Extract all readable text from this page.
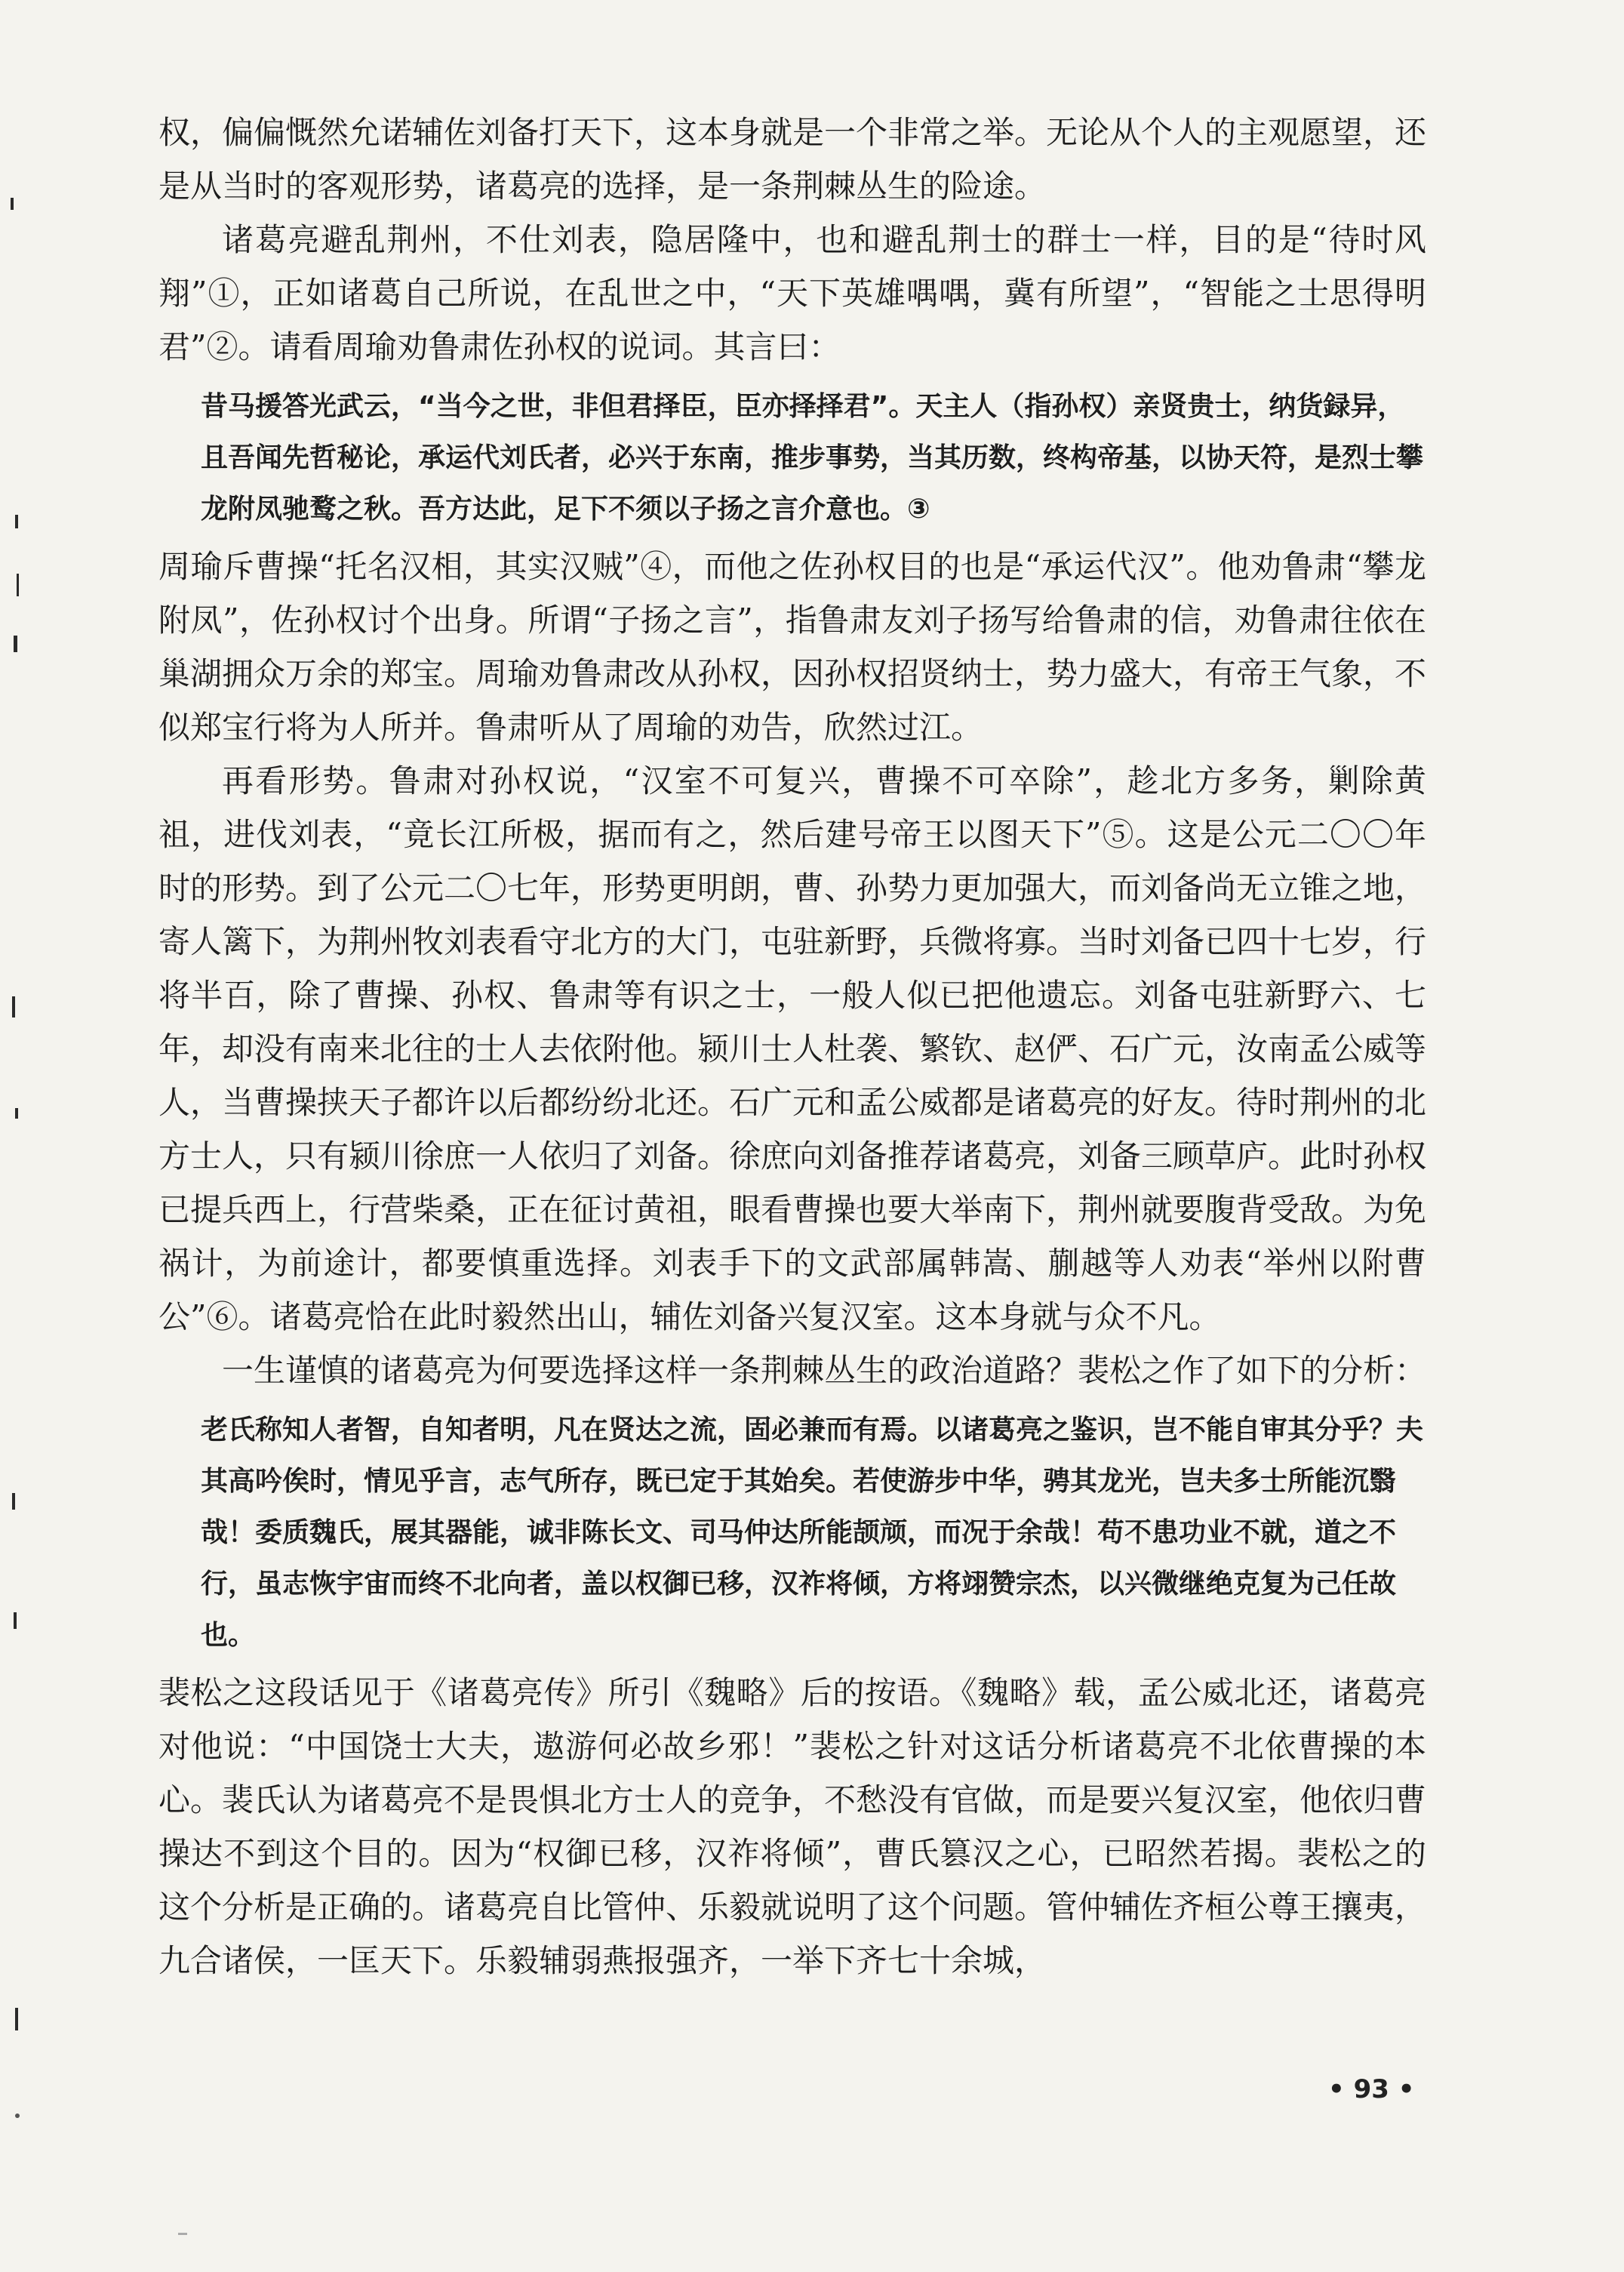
权，偏偏慨然允诺辅佐刘备打天下，这本身就是一个非常之举。无论从个人的主观愿望，还是从当时的客观形势，诸葛亮的选择，是一条荆棘丛生的险途。

诸葛亮避乱荆州，不仕刘表，隐居隆中，也和避乱荆士的群士一样，目的是“待时风翔”①，正如诸葛自己所说，在乱世之中，“天下英雄喁喁，冀有所望”，“智能之士思得明君”②。请看周瑜劝鲁肃佐孙权的说词。其言曰：

昔马援答光武云，“当今之世，非但君择臣，臣亦择择君”。天主人（指孙权）亲贤贵士，纳货録异，且吾闻先哲秘论，承运代刘氏者，必兴于东南，推步事势，当其历数，终构帝基，以协天符，是烈士攀龙附凤驰鹜之秋。吾方达此，足下不须以子扬之言介意也。③

周瑜斥曹操“托名汉相，其实汉贼”④，而他之佐孙权目的也是“承运代汉”。他劝鲁肃“攀龙附凤”，佐孙权讨个出身。所谓“子扬之言”，指鲁肃友刘子扬写给鲁肃的信，劝鲁肃往依在巢湖拥众万余的郑宝。周瑜劝鲁肃改从孙权，因孙权招贤纳士，势力盛大，有帝王气象，不似郑宝行将为人所并。鲁肃听从了周瑜的劝告，欣然过江。

再看形势。鲁肃对孙权说，“汉室不可复兴，曹操不可卒除”，趁北方多务，剿除黄祖，进伐刘表，“竟长江所极，据而有之，然后建号帝王以图天下”⑤。这是公元二〇〇年时的形势。到了公元二〇七年，形势更明朗，曹、孙势力更加强大，而刘备尚无立锥之地，寄人篱下，为荆州牧刘表看守北方的大门，屯驻新野，兵微将寡。当时刘备已四十七岁，行将半百，除了曹操、孙权、鲁肃等有识之士，一般人似已把他遗忘。刘备屯驻新野六、七年，却没有南来北往的士人去依附他。颍川士人杜袭、繁钦、赵俨、石广元，汝南孟公威等人，当曹操挟天子都许以后都纷纷北还。石广元和孟公威都是诸葛亮的好友。待时荆州的北方士人，只有颍川徐庶一人依归了刘备。徐庶向刘备推荐诸葛亮，刘备三顾草庐。此时孙权已提兵西上，行营柴桑，正在征讨黄祖，眼看曹操也要大举南下，荆州就要腹背受敌。为免祸计，为前途计，都要慎重选择。刘表手下的文武部属韩嵩、蒯越等人劝表“举州以附曹公”⑥。诸葛亮恰在此时毅然出山，辅佐刘备兴复汉室。这本身就与众不凡。

一生谨慎的诸葛亮为何要选择这样一条荆棘丛生的政治道路？裴松之作了如下的分析：

老氏称知人者智，自知者明，凡在贤达之流，固必兼而有焉。以诸葛亮之鉴识，岂不能自审其分乎？夫其高吟俟时，情见乎言，志气所存，既已定于其始矣。若使游步中华，骋其龙光，岂夫多士所能沉翳哉！委质魏氏，展其器能，诚非陈长文、司马仲达所能颉颃，而况于余哉！苟不患功业不就，道之不行，虽志恢宇宙而终不北向者，盖以权御已移，汉祚将倾，方将翊赞宗杰，以兴微继绝克复为己任故也。

裴松之这段话见于《诸葛亮传》所引《魏略》后的按语。《魏略》载，孟公威北还，诸葛亮对他说：“中国饶士大夫，遨游何必故乡邪！”裴松之针对这话分析诸葛亮不北依曹操的本心。裴氏认为诸葛亮不是畏惧北方士人的竞争，不愁没有官做，而是要兴复汉室，他依归曹操达不到这个目的。因为“权御已移，汉祚将倾”，曹氏篡汉之心，已昭然若揭。裴松之的这个分析是正确的。诸葛亮自比管仲、乐毅就说明了这个问题。管仲辅佐齐桓公尊王攘夷，九合诸侯，一匡天下。乐毅辅弱燕报强齐，一举下齐七十余城，

• 93 •
